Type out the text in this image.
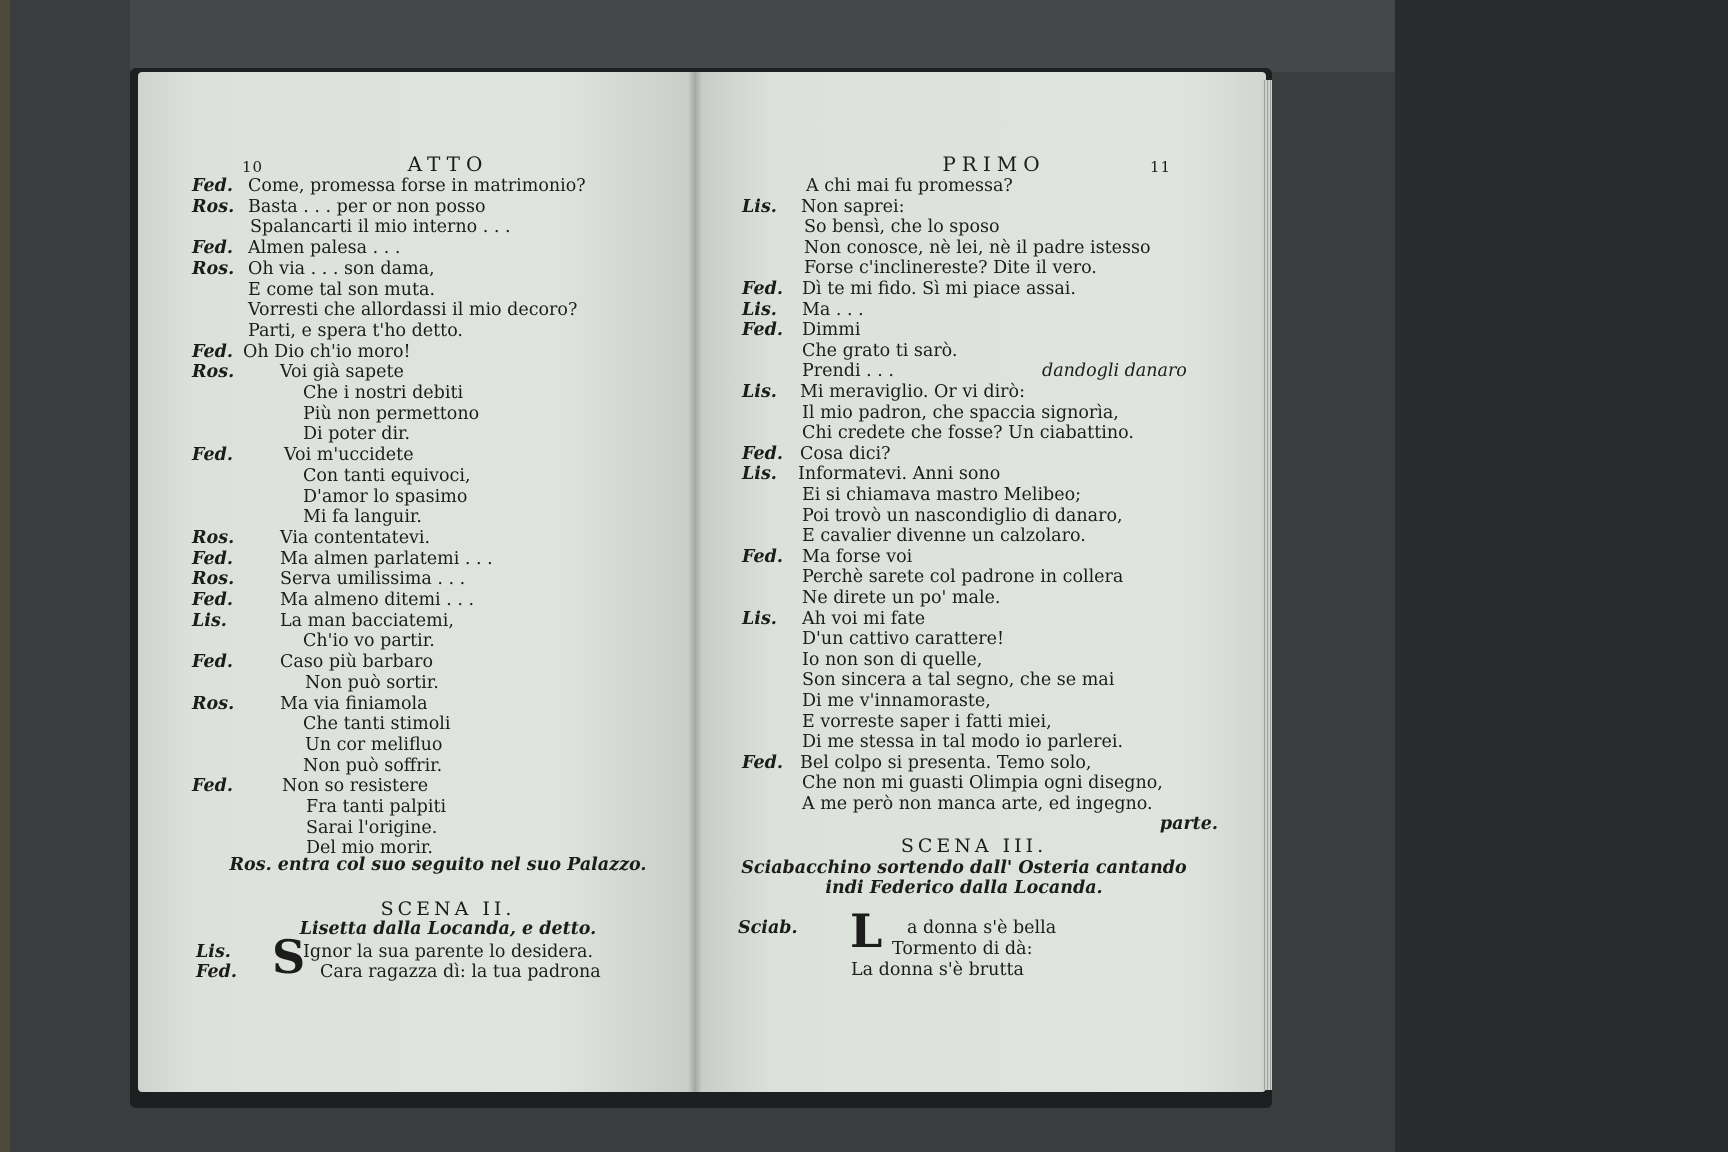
10	ATTO
Fed. Come, promessa forse in matrimonio?
Ros. Basta . . . per or non posso
Spalancarti il mio interno . . .
Fed. Almen palesa . . .
Ros. Oh via . . . son dama,
E come tal son muta.
Vorresti che allordassi il mio decoro?
Parti, e spera t'ho detto.
Fed. Oh Dio ch'io moro!
Ros.	Voi già sapete
Che i nostri debiti
Più non permettono
Di poter dir.
Fed.	Voi m'uccidete
Con tanti equivoci,
D'amor lo spasimo
Mi fa languir.
Ros.	Via contentatevi.
Fed.	Ma almen parlatemi . . .
Ros.	Serva umilissima . . .
Fed.	Ma almeno ditemi . . .
Lis.	La man bacciatemi,
Ch'io vo partir.
Fed.	Caso più barbaro
Non può sortir.
Ros.	Ma via finiamola
Che tanti stimoli
Un cor melifluo
Non può soffrir.
Fed.	Non so resistere
Fra tanti palpiti
Sarai l'origine.
Del mio morir.
Ros. entra col suo seguito nel suo Palazzo.
SCENA II.
Lisetta dalla Locanda, e detto.
Lis. S
Ignor la sua parente lo desidera.
Fed.	Cara ragazza dì: la tua padrona
PRIMO	11
A chi mai fu promessa?
Lis. Non saprei:
So bensì, che lo sposo
Non conosce, nè lei, nè il padre istesso
Forse c'inclinereste? Dite il vero.
Fed. Dì te mi fido. Sì mi piace assai.
Lis. Ma . . .
Fed. Dimmi
Che grato ti sarò.
Prendi . . .	dandogli danaro
Lis. Mi meraviglio. Or vi dirò:
Il mio padron, che spaccia signorìa,
Chi credete che fosse? Un ciabattino.
Fed. Cosa dici?
Lis. Informatevi. Anni sono
Ei si chiamava mastro Melibeo;
Poi trovò un nascondiglio di danaro,
E cavalier divenne un calzolaro.
Fed. Ma forse voi
Perchè sarete col padrone in collera
Ne direte un po' male.
Lis. Ah voi mi fate
D'un cattivo carattere!
Io non son di quelle,
Son sincera a tal segno, che se mai
Di me v'innamoraste,
E vorreste saper i fatti miei,
Di me stessa in tal modo io parlerei.
Fed. Bel colpo si presenta. Temo solo,
Che non mi guasti Olimpia ogni disegno,
A me però non manca arte, ed ingegno.
parte.
SCENA III.
Sciabacchino sortendo dall' Osteria cantando
indi Federico dalla Locanda.
Sciab. L a donna s'è bella
Tormento di dà:
La donna s'è brutta
